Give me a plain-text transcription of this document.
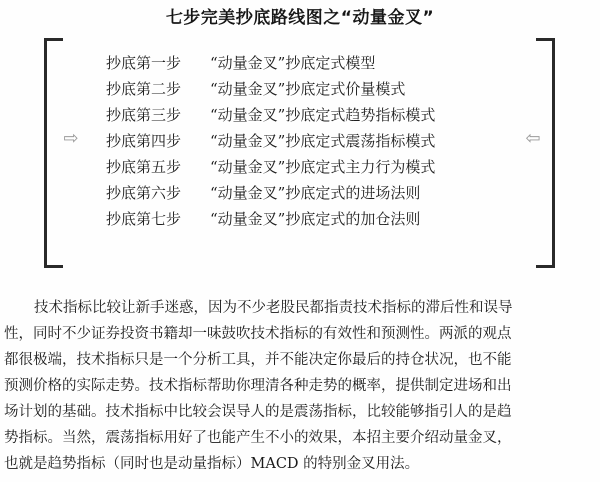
七步完美抄底路线图之“动量金叉”
⇨	⇦
抄底第一步 “动量金叉”抄底定式模型
抄底第二步 “动量金叉”抄底定式价量模式
抄底第三步 “动量金叉”抄底定式趋势指标模式
抄底第四步 “动量金叉”抄底定式震荡指标模式
抄底第五步 “动量金叉”抄底定式主力行为模式
抄底第六步 “动量金叉”抄底定式的进场法则
抄底第七步 “动量金叉”抄底定式的加仓法则
技术指标比较让新手迷惑，因为不少老股民都指责技术指标的滞后性和误导
性，同时不少证券投资书籍却一味鼓吹技术指标的有效性和预测性。两派的观点
都很极端，技术指标只是一个分析工具，并不能决定你最后的持仓状况，也不能
预测价格的实际走势。技术指标帮助你理清各种走势的概率，提供制定进场和出
场计划的基础。技术指标中比较会误导人的是震荡指标，比较能够指引人的是趋
势指标。当然，震荡指标用好了也能产生不小的效果，本招主要介绍动量金叉，
也就是趋势指标（同时也是动量指标）MACD 的特别金叉用法。
